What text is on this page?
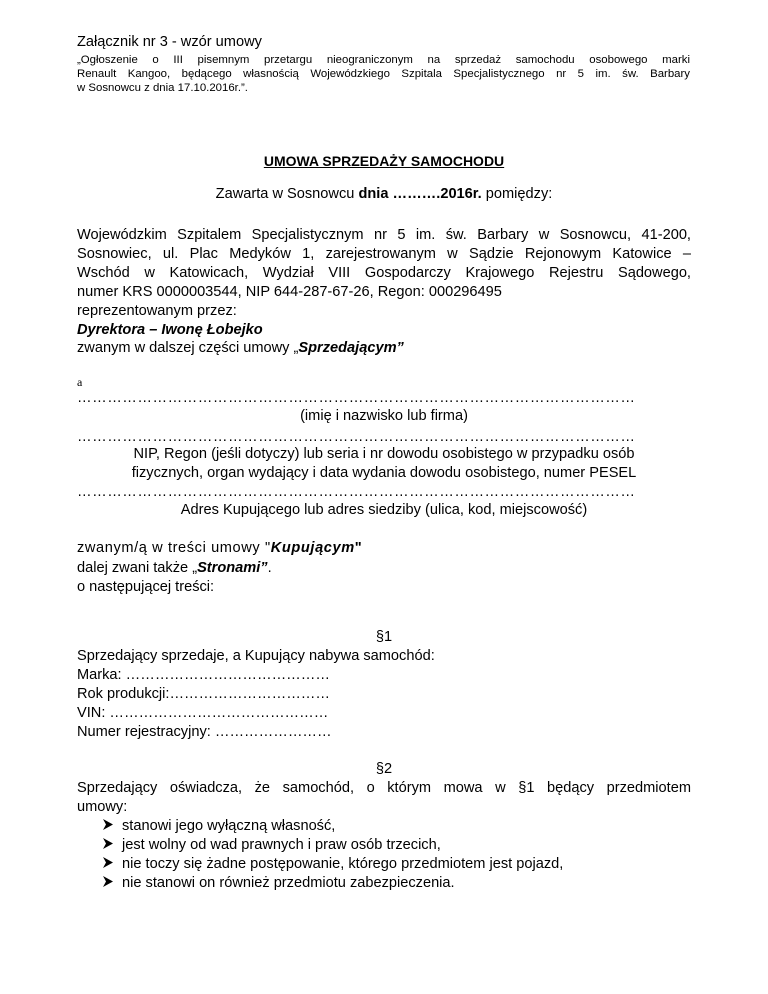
Załącznik nr 3 - wzór umowy
„Ogłoszenie o III pisemnym przetargu nieograniczonym na sprzedaż samochodu osobowego marki
Renault Kangoo, będącego własnością Wojewódzkiego Szpitala Specjalistycznego nr 5 im. św. Barbary
w Sosnowcu z dnia 17.10.2016r.”.
UMOWA SPRZEDAŻY SAMOCHODU
Zawarta w Sosnowcu dnia ……….2016r. pomiędzy:
Wojewódzkim Szpitalem Specjalistycznym nr 5 im. św. Barbary w Sosnowcu, 41-200,
Sosnowiec, ul. Plac Medyków 1, zarejestrowanym w Sądzie Rejonowym Katowice –
Wschód w Katowicach, Wydział VIII Gospodarczy Krajowego Rejestru Sądowego,
numer KRS 0000003544, NIP 644-287-67-26, Regon: 000296495
reprezentowanym przez:
Dyrektora – Iwonę Łobejko
zwanym w dalszej części umowy „Sprzedającym”
a
…………………………………………………………………………………………………
(imię i nazwisko lub firma)
…………………………………………………………………………………………………
NIP, Regon (jeśli dotyczy) lub seria i nr dowodu osobistego w przypadku osób
fizycznych, organ wydający i data wydania dowodu osobistego, numer PESEL
…………………………………………………………………………………………………
Adres Kupującego lub adres siedziby (ulica, kod, miejscowość)
zwanym/ą w treści umowy "Kupującym"
dalej zwani także „Stronami”.
o następującej treści:
§1
Sprzedający sprzedaje, a Kupujący nabywa samochód:
Marka: ……………………………………
Rok produkcji:……………………………
VIN: ………………………………………
Numer rejestracyjny: ……………………
§2
Sprzedający oświadcza, że samochód, o którym mowa w §1 będący przedmiotem
umowy:
stanowi jego wyłączną własność,
jest wolny od wad prawnych i praw osób trzecich,
nie toczy się żadne postępowanie, którego przedmiotem jest pojazd,
nie stanowi on również przedmiotu zabezpieczenia.
